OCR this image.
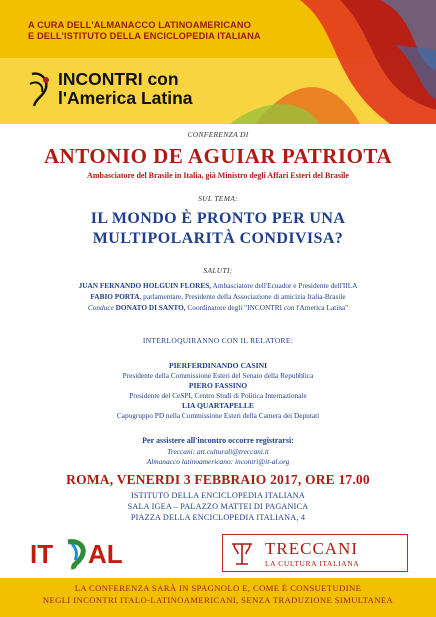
A CURA DELL'ALMANACCO LATINOAMERICANO
E DELL'ISTITUTO DELLA ENCICLOPEDIA ITALIANA
INCONTRI con
l'America Latina
CONFERENZA DI
ANTONIO DE AGUIAR PATRIOTA
Ambasciatore del Brasile in Italia, già Ministro degli Affari Esteri del Brasile
SUL TEMA:
IL MONDO È PRONTO PER UNA
MULTIPOLARITÀ CONDIVISA?
SALUTI:
JUAN FERNANDO HOLGUIN FLORES, Ambasciatore dell'Ecuador e Presidente dell'IILA
FABIO PORTA, parlamentare, Presidente della Associazione di amicizia Italia-Brasile
Conduce DONATO DI SANTO, Coordinatore degli "INCONTRI con l'America Latina"
INTERLOQUIRANNO CON IL RELATORE:
PIERFERDINANDO CASINI
Presidente della Commissione Esteri del Senato della Repubblica
PIERO FASSINO
Presidente del CeSPI, Centro Studi di Politica Internazionale
LIA QUARTAPELLE
Capogruppo PD nella Commissione Esteri della Camera dei Deputati
Per assistere all'incontro occorre registrarsi:
Treccani: att.culturali@treccani.it
Almanacco latinoamericano: incontri@it-al.org
ROMA, VENERDI 3 FEBBRAIO 2017, ORE 17.00
ISTITUTO DELLA ENCICLOPEDIA ITALIANA
SALA IGEA – PALAZZO MATTEI DI PAGANICA
PIAZZA DELLA ENCICLOPEDIA ITALIANA, 4
IT AL	TRECCANI
LA CULTURA ITALIANA
LA CONFERENZA SARÀ IN SPAGNOLO E, COME È CONSUETUDINE
NEGLI INCONTRI ITALO-LATINOAMERICANI, SENZA TRADUZIONE SIMULTANEA
